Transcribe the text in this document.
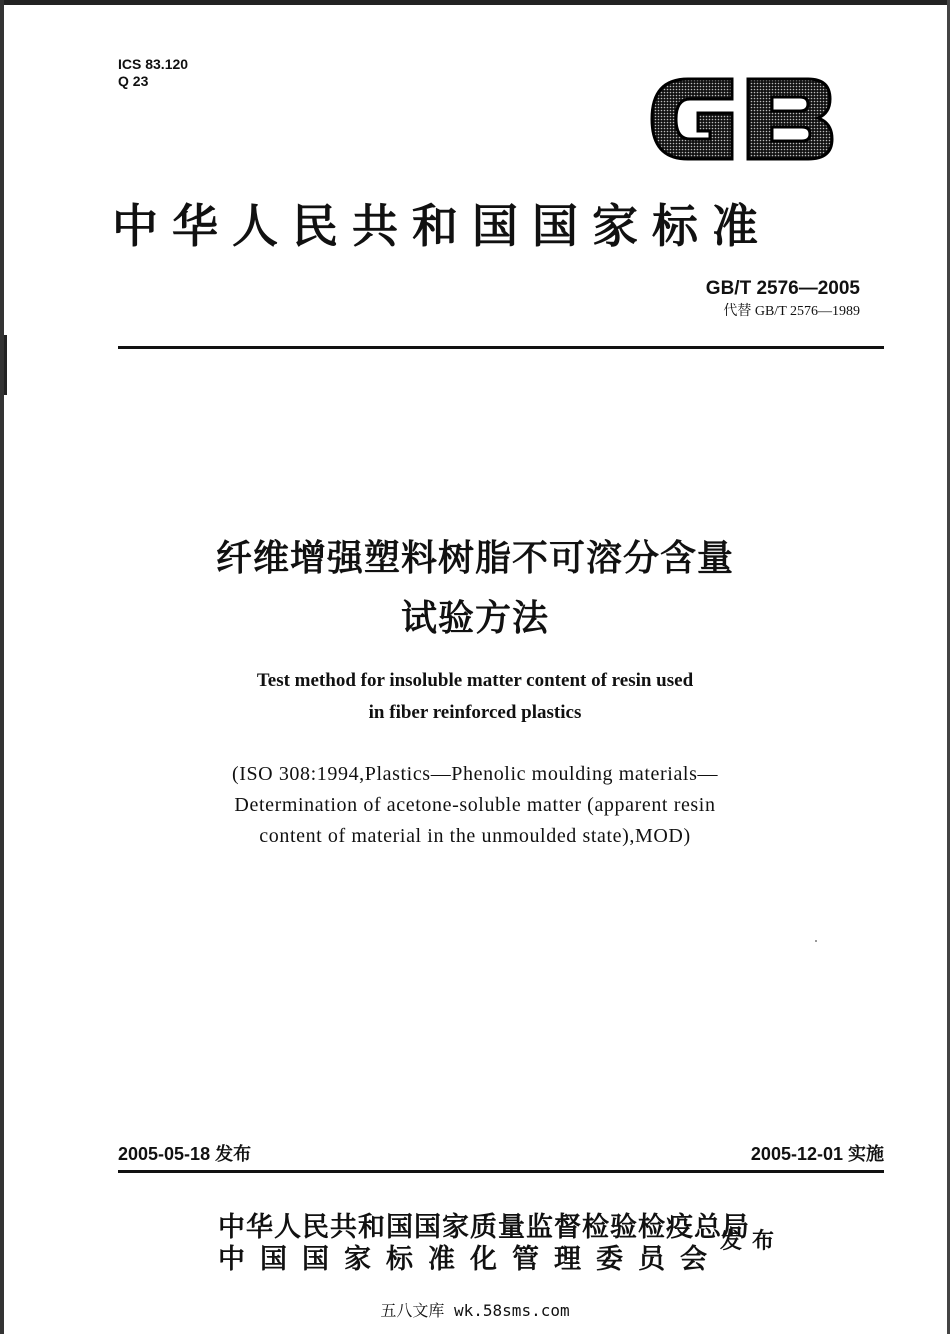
ICS 83.120
Q 23
中华人民共和国国家标准
GB/T 2576—2005
代替 GB/T 2576—1989
纤维增强塑料树脂不可溶分含量
试验方法
Test method for insoluble matter content of resin used
in fiber reinforced plastics
(ISO 308:1994,Plastics—Phenolic moulding materials—
Determination of acetone-soluble matter (apparent resin
content of material in the unmoulded state),MOD)
2005-05-18 发布	2005-12-01 实施
中华人民共和国国家质量监督检验检疫总局
中国国家标准化管理委员会
发布
五八文库 wk.58sms.com
